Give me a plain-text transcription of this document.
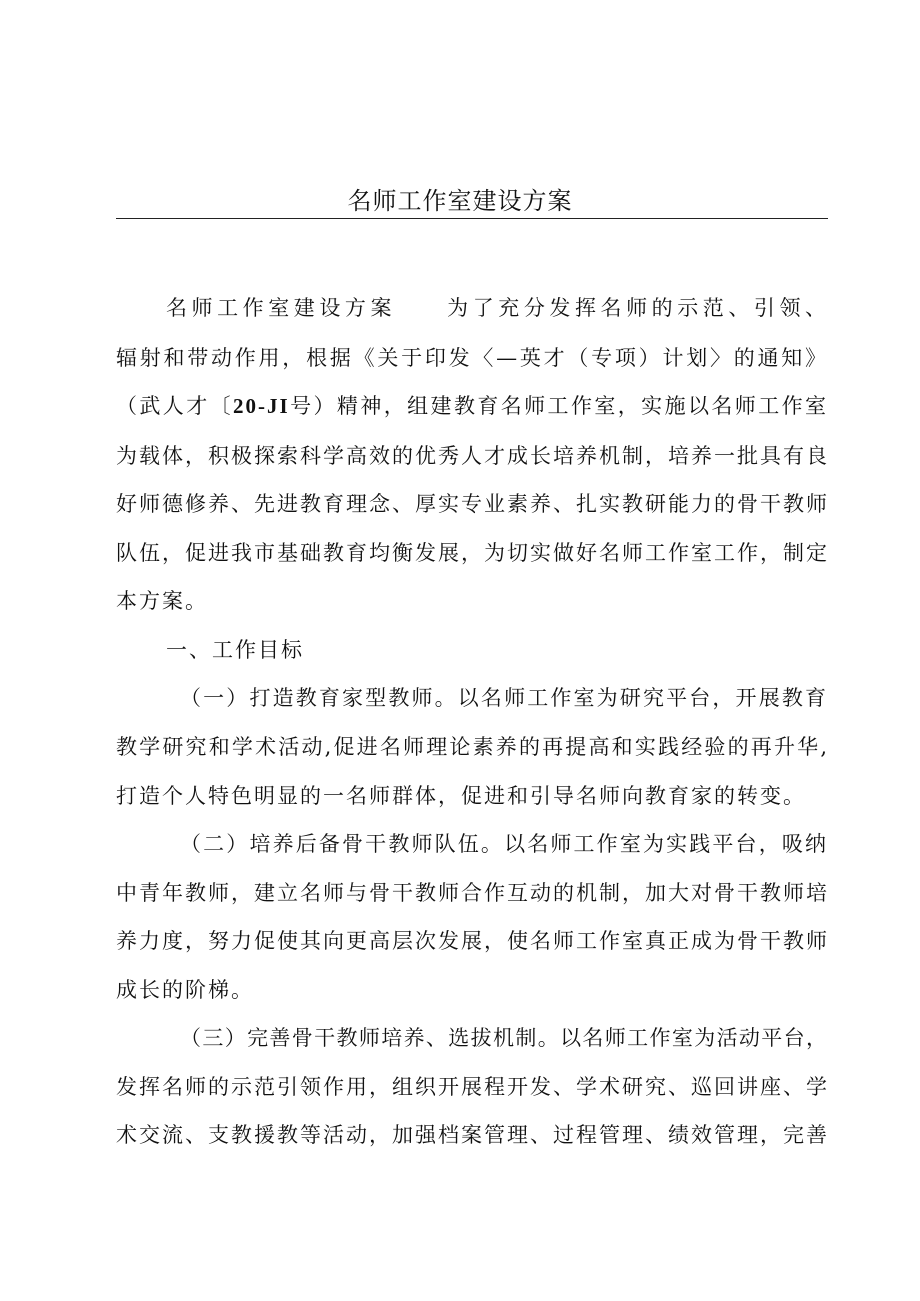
名师工作室建设方案
名师工作室建设方案　　为了充分发挥名师的示范、引领、
辐射和带动作用，根据《关于印发〈—英才（专项）计划〉的通知》
（武人才〔20-JI号）精神，组建教育名师工作室，实施以名师工作室
为载体，积极探索科学高效的优秀人才成长培养机制，培养一批具有良
好师德修养、先进教育理念、厚实专业素养、扎实教研能力的骨干教师
队伍，促进我市基础教育均衡发展，为切实做好名师工作室工作，制定
本方案。
一、工作目标
（一）打造教育家型教师。以名师工作室为研究平台，开展教育
教学研究和学术活动,促进名师理论素养的再提高和实践经验的再升华,
打造个人特色明显的一名师群体，促进和引导名师向教育家的转变。
（二）培养后备骨干教师队伍。以名师工作室为实践平台，吸纳
中青年教师，建立名师与骨干教师合作互动的机制，加大对骨干教师培
养力度，努力促使其向更高层次发展，使名师工作室真正成为骨干教师
成长的阶梯。
（三）完善骨干教师培养、选拔机制。以名师工作室为活动平台，
发挥名师的示范引领作用，组织开展程开发、学术研究、巡回讲座、学
术交流、支教援教等活动，加强档案管理、过程管理、绩效管理，完善
